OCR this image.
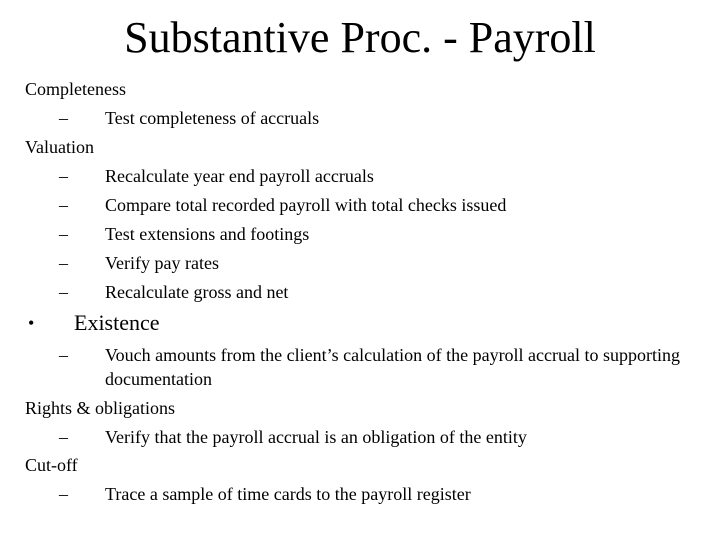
Substantive Proc. - Payroll
Completeness
– Test completeness of accruals
Valuation
– Recalculate year end payroll accruals
– Compare total recorded payroll with total checks issued
– Test extensions and footings
– Verify pay rates
– Recalculate gross and net
• Existence
– Vouch amounts from the client’s calculation of the payroll accrual to supporting documentation
Rights & obligations
– Verify that the payroll accrual is an obligation of the entity
Cut-off
– Trace a sample of time cards to the payroll register
